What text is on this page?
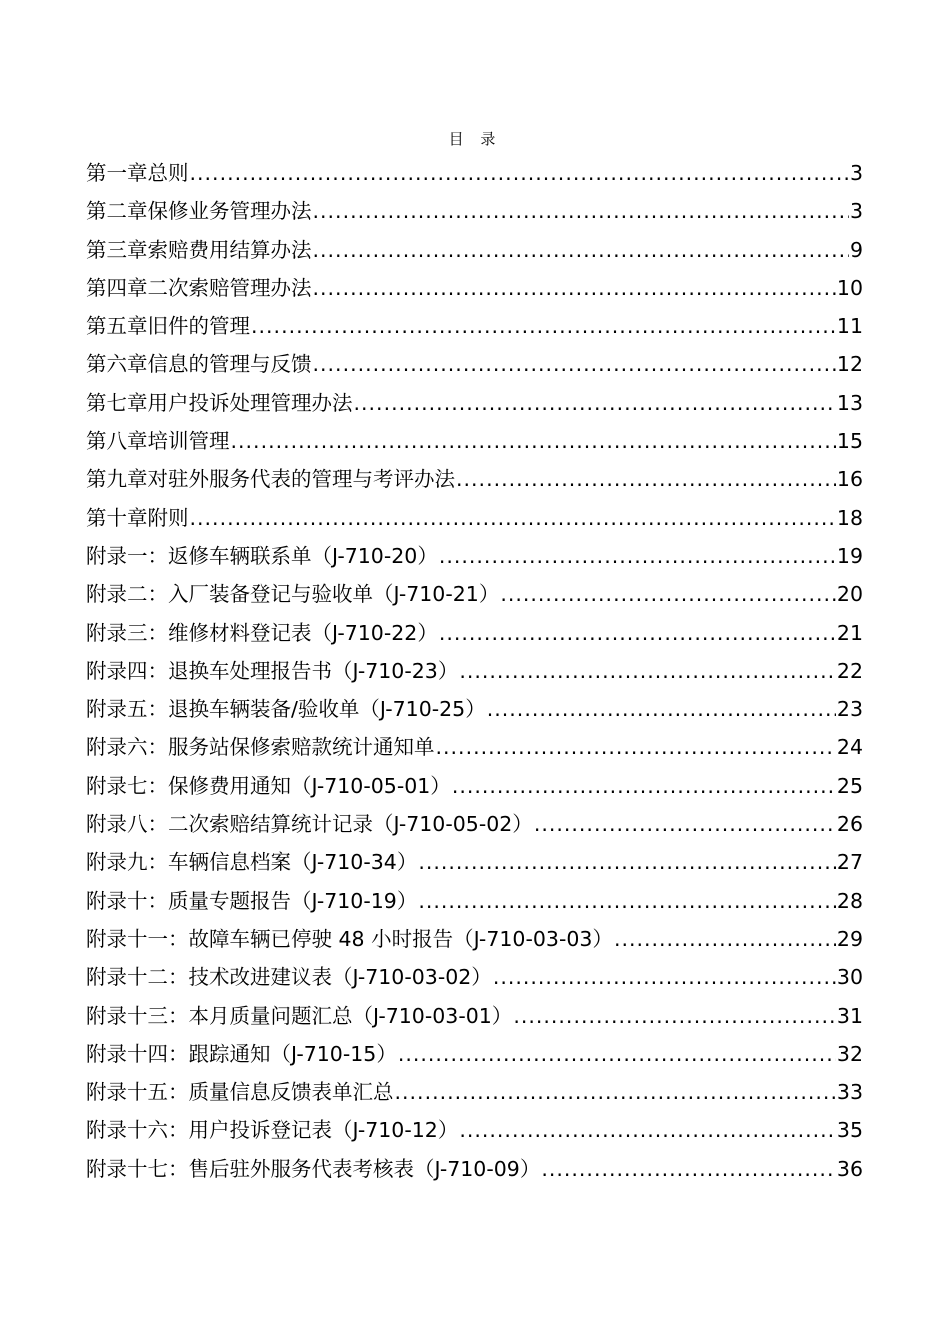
目 录
第一章总则 .....	3
第二章保修业务管理办法 .....	3
第三章索赔费用结算办法 .....	9
第四章二次索赔管理办法 .....	10
第五章旧件的管理 .....	11
第六章信息的管理与反馈 .....	12
第七章用户投诉处理管理办法 .....	13
第八章培训管理 .....	15
第九章对驻外服务代表的管理与考评办法 .....	16
第十章附则 .....	18
附录一：返修车辆联系单（J-710-20） .....	19
附录二：入厂装备登记与验收单（J-710-21） .....	20
附录三：维修材料登记表（J-710-22） .....	21
附录四：退换车处理报告书（J-710-23） .....	22
附录五：退换车辆装备/验收单（J-710-25） .....	23
附录六：服务站保修索赔款统计通知单 .....	24
附录七：保修费用通知（J-710-05-01） .....	25
附录八：二次索赔结算统计记录（J-710-05-02） .....	26
附录九：车辆信息档案（J-710-34） .....	27
附录十：质量专题报告（J-710-19） .....	28
附录十一：故障车辆已停驶 48 小时报告（J-710-03-03） .....	29
附录十二：技术改进建议表（J-710-03-02） .....	30
附录十三：本月质量问题汇总（J-710-03-01） .....	31
附录十四：跟踪通知（J-710-15） .....	32
附录十五：质量信息反馈表单汇总 .....	33
附录十六：用户投诉登记表（J-710-12） .....	35
附录十七：售后驻外服务代表考核表（J-710-09） .....	36
